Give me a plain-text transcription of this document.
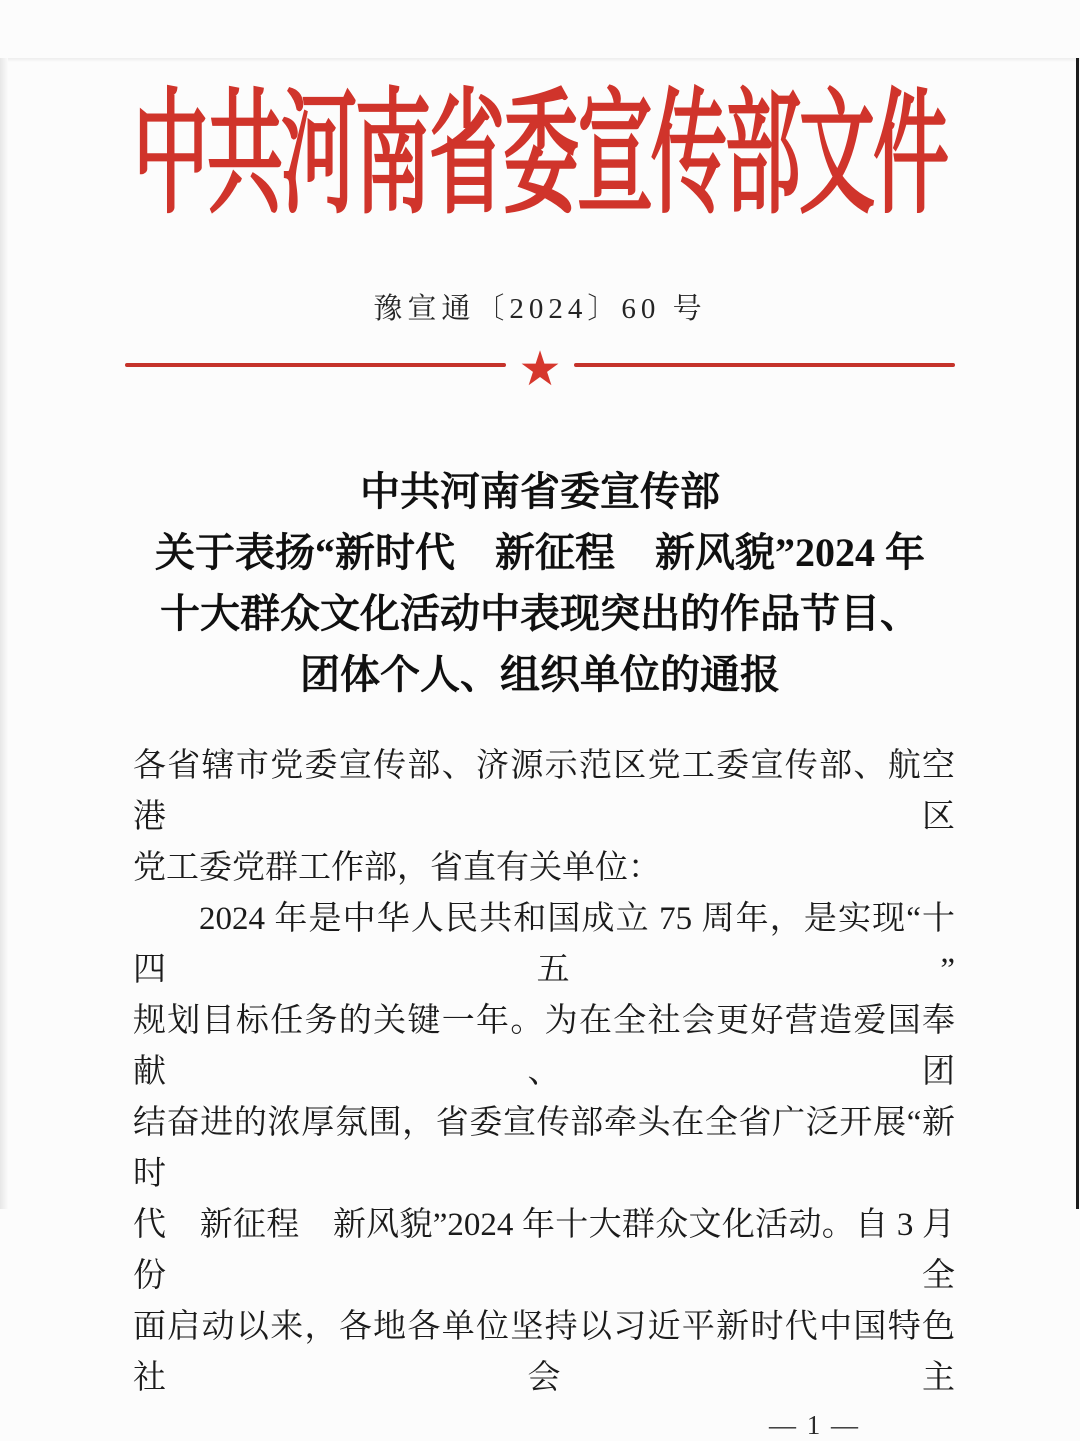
中共河南省委宣传部文件
豫宣通〔2024〕60 号
★
中共河南省委宣传部
关于表扬“新时代　新征程　新风貌”2024 年
十大群众文化活动中表现突出的作品节目、
团体个人、组织单位的通报
各省辖市党委宣传部、济源示范区党工委宣传部、航空港区
党工委党群工作部，省直有关单位：
2024 年是中华人民共和国成立 75 周年，是实现“十四五”
规划目标任务的关键一年。为在全社会更好营造爱国奉献、团
结奋进的浓厚氛围，省委宣传部牵头在全省广泛开展“新时
代　新征程　新风貌”2024 年十大群众文化活动。自 3 月份全
面启动以来，各地各单位坚持以习近平新时代中国特色社会主
— 1 —
